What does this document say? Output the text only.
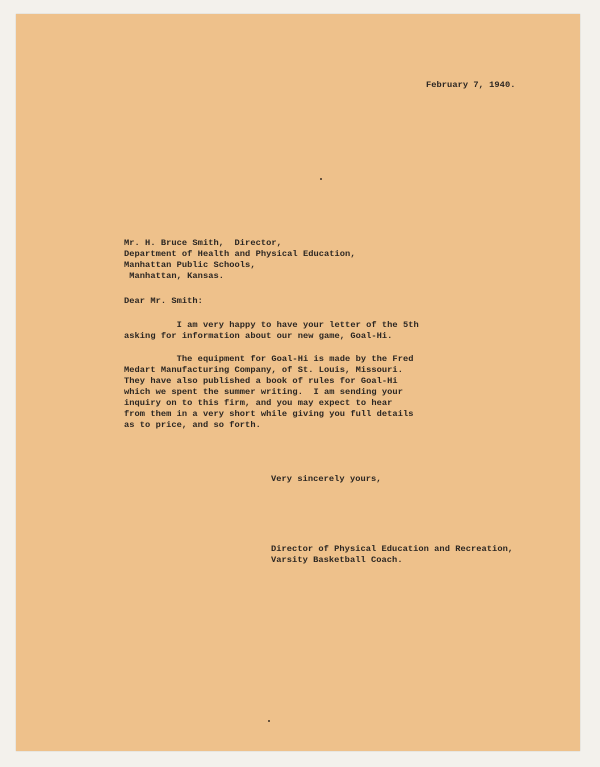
February 7, 1940.

Mr. H. Bruce Smith,  Director,

Department of Health and Physical Education,

Manhattan Public Schools,

Manhattan, Kansas.

Dear Mr. Smith:

I am very happy to have your letter of the 5th

asking for information about our new game, Goal-Hi.

The equipment for Goal-Hi is made by the Fred

Medart Manufacturing Company, of St. Louis, Missouri.

They have also published a book of rules for Goal-Hi

which we spent the summer writing.  I am sending your

inquiry on to this firm, and you may expect to hear

from them in a very short while giving you full details

as to price, and so forth.

Very sincerely yours,

Director of Physical Education and Recreation,

Varsity Basketball Coach.
